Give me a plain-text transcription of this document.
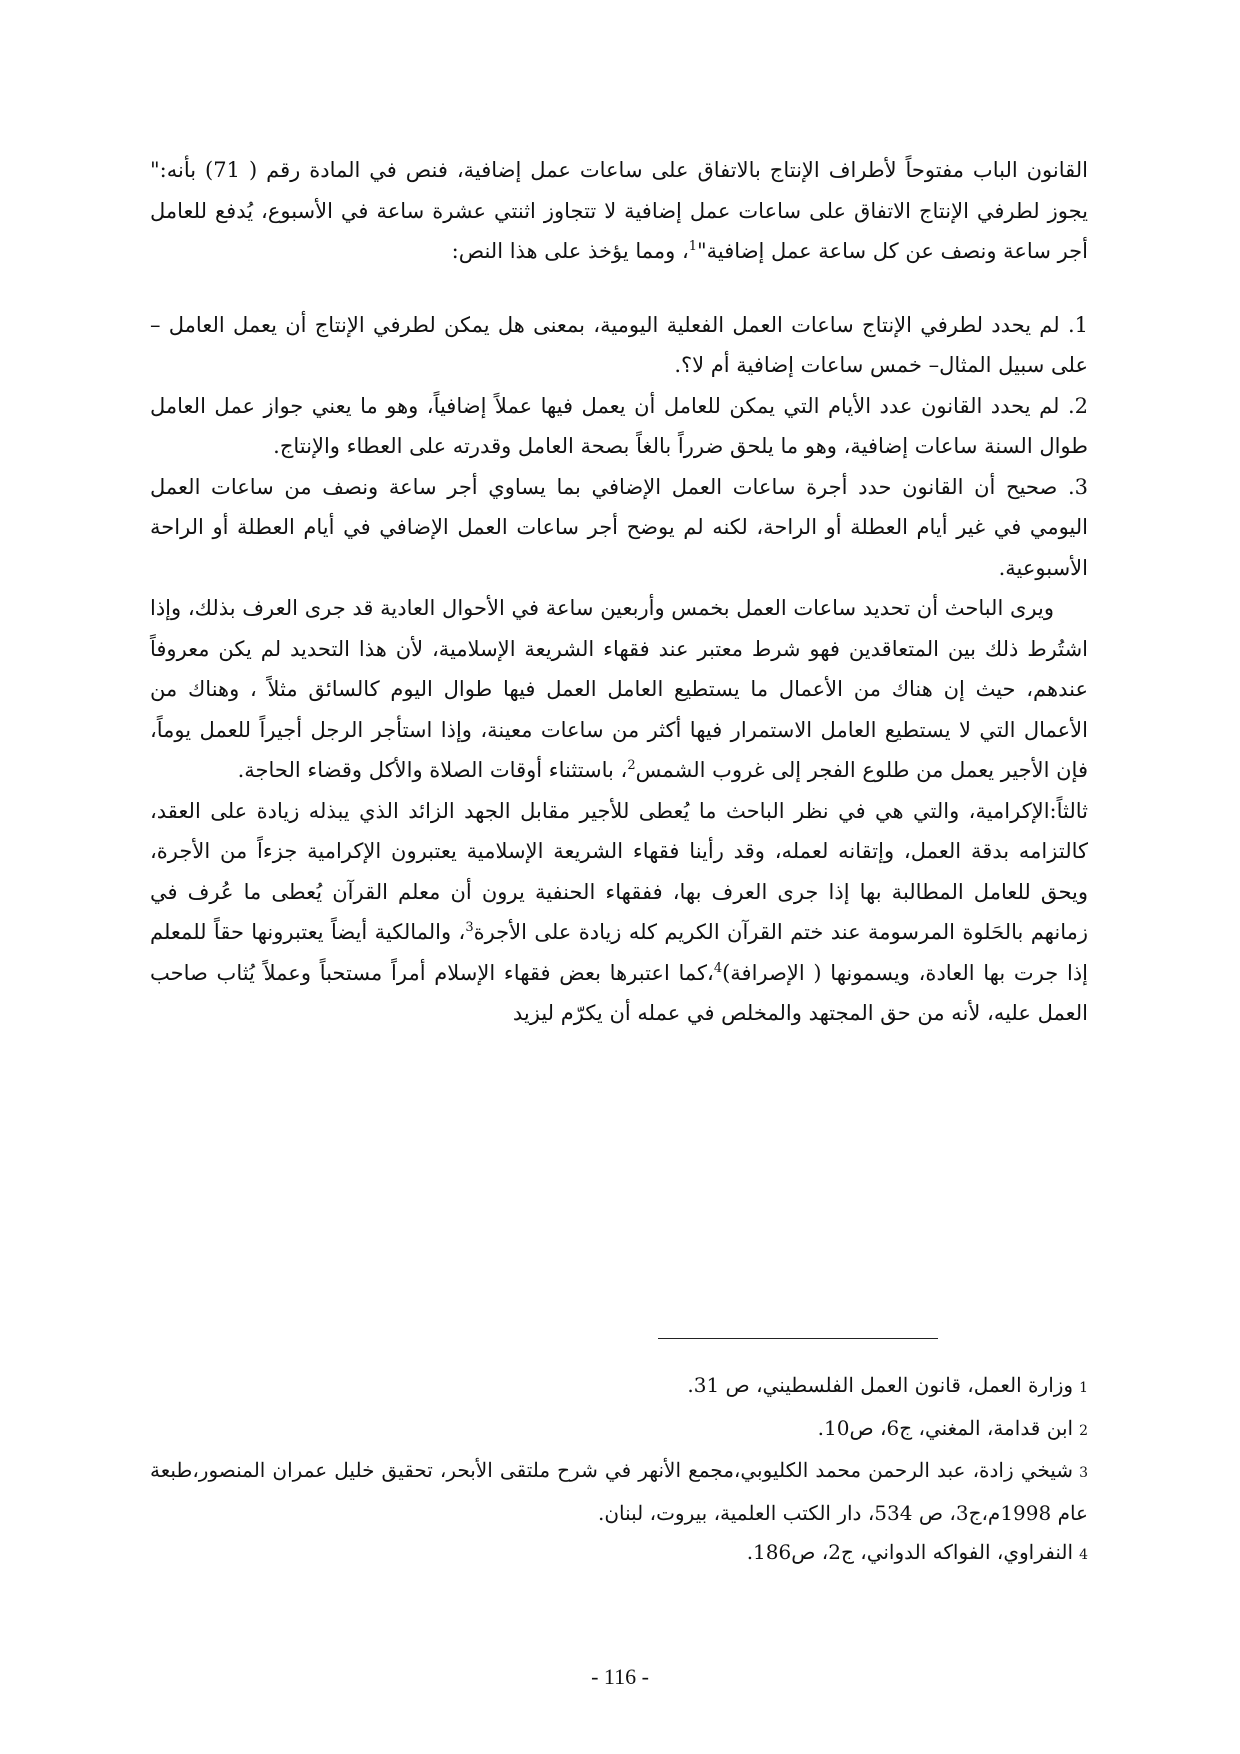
القانون الباب مفتوحاً لأطراف الإنتاج بالاتفاق على ساعات عمل إضافية، فنص في المادة رقم ( 71) بأنه:" يجوز لطرفي الإنتاج الاتفاق على ساعات عمل إضافية لا تتجاوز اثنتي عشرة ساعة في الأسبوع، يُدفع للعامل أجر ساعة ونصف عن كل ساعة عمل إضافية"$^1$، ومما يؤخذ على هذا النص:

1. لم يحدد لطرفي الإنتاج ساعات العمل الفعلية اليومية، بمعنى هل يمكن لطرفي الإنتاج أن يعمل العامل – على سبيل المثال– خمس ساعات إضافية أم لا؟.

2. لم يحدد القانون عدد الأيام التي يمكن للعامل أن يعمل فيها عملاً إضافياً، وهو ما يعني جواز عمل العامل طوال السنة ساعات إضافية، وهو ما يلحق ضرراً بالغاً بصحة العامل وقدرته على العطاء والإنتاج.

3. صحيح أن القانون حدد أجرة ساعات العمل الإضافي بما يساوي أجر ساعة ونصف من ساعات العمل اليومي في غير أيام العطلة أو الراحة، لكنه لم يوضح أجر ساعات العمل الإضافي في أيام العطلة أو الراحة الأسبوعية.

ويرى الباحث أن تحديد ساعات العمل بخمس وأربعين ساعة في الأحوال العادية قد جرى العرف بذلك، وإذا اشتُرط ذلك بين المتعاقدين فهو شرط معتبر عند فقهاء الشريعة الإسلامية، لأن هذا التحديد لم يكن معروفاً عندهم، حيث إن هناك من الأعمال ما يستطيع العامل العمل فيها طوال اليوم كالسائق مثلاً ، وهناك من الأعمال التي لا يستطيع العامل الاستمرار فيها أكثر من ساعات معينة، وإذا استأجر الرجل أجيراً للعمل يوماً، فإن الأجير يعمل من طلوع الفجر إلى غروب الشمس$^2$، باستثناء أوقات الصلاة والأكل وقضاء الحاجة.

ثالثاً:الإكرامية، والتي هي في نظر الباحث ما يُعطى للأجير مقابل الجهد الزائد الذي يبذله زيادة على العقد، كالتزامه بدقة العمل، وإتقانه لعمله، وقد رأينا فقهاء الشريعة الإسلامية يعتبرون الإكرامية جزءاً من الأجرة، ويحق للعامل المطالبة بها إذا جرى العرف بها، ففقهاء الحنفية يرون أن معلم القرآن يُعطى ما عُرف في زمانهم بالحَلوة المرسومة عند ختم القرآن الكريم كله زيادة على الأجرة$^3$، والمالكية أيضاً يعتبرونها حقاً للمعلم إذا جرت بها العادة، ويسمونها ( الإصرافة)$^4$،كما اعتبرها بعض فقهاء الإسلام أمراً مستحباً وعملاً يُثاب صاحب العمل عليه، لأنه من حق المجتهد والمخلص في عمله أن يكرّم ليزيد

1وزارة العمل، قانون العمل الفلسطيني، ص 31.

2ابن قدامة، المغني، ج6، ص10.

3شيخي زادة، عبد الرحمن محمد الكليوبي،مجمع الأنهر في شرح ملتقى الأبحر، تحقيق خليل عمران المنصور،طبعة عام 1998م،ج3، ص 534، دار الكتب العلمية، بيروت، لبنان.

4النفراوي، الفواكه الدواني، ج2، ص186.

- 116 -
